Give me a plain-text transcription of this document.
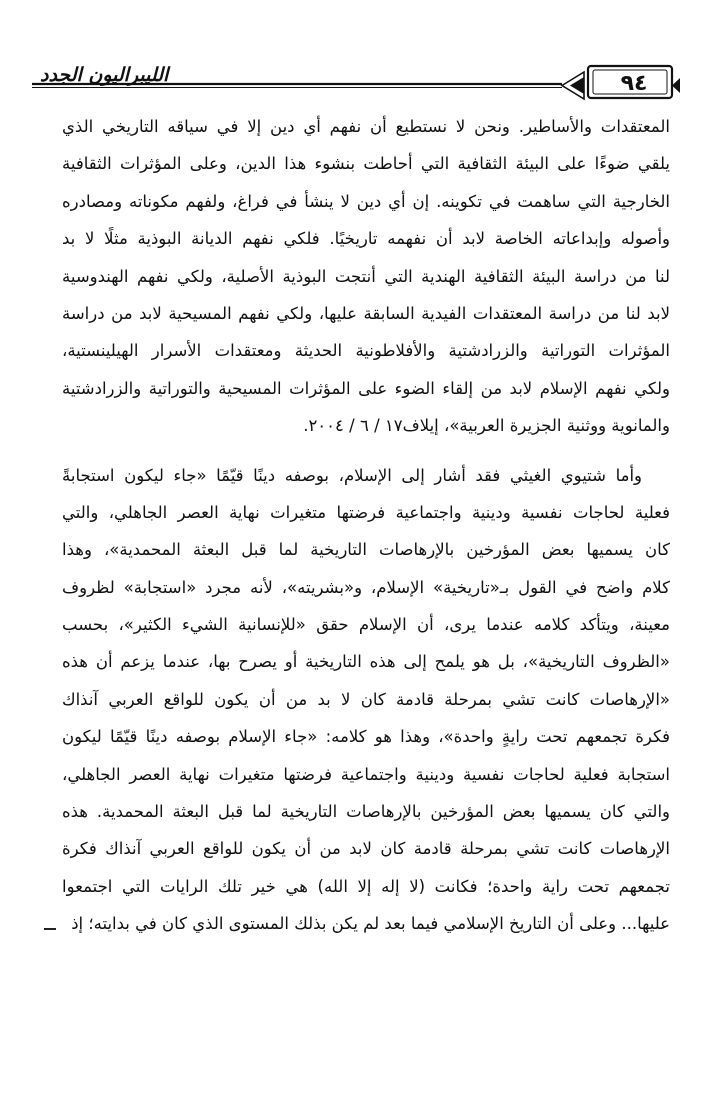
٩٤
الليبراليون الجدد
المعتقدات والأساطير. ونحن لا نستطيع أن نفهم أي دين إلا في سياقه التاريخي الذي
يلقي ضوءًا على البيئة الثقافية التي أحاطت بنشوء هذا الدين، وعلى المؤثرات الثقافية
الخارجية التي ساهمت في تكوينه. إن أي دين لا ينشأ في فراغ، ولفهم مكوناته ومصادره
وأصوله وإبداعاته الخاصة لابد أن نفهمه تاريخيًا. فلكي نفهم الديانة البوذية مثلًا لا بد
لنا من دراسة البيئة الثقافية الهندية التي أنتجت البوذية الأصلية، ولكي نفهم الهندوسية
لابد لنا من دراسة المعتقدات الفيدية السابقة عليها، ولكي نفهم المسيحية لابد من دراسة
المؤثرات التوراتية والزرادشتية والأفلاطونية الحديثة ومعتقدات الأسرار الهيلينستية،
ولكي نفهم الإسلام لابد من إلقاء الضوء على المؤثرات المسيحية والتوراتية والزرادشتية
والمانوية ووثنية الجزيرة العربية»، إيلاف١٧ / ٦ / ٢٠٠٤.
وأما شتيوي الغيثي فقد أشار إلى الإسلام، بوصفه دينًا قيّمًا «جاء ليكون استجابةً
فعلية لحاجات نفسية ودينية واجتماعية فرضتها متغيرات نهاية العصر الجاهلي، والتي
كان يسميها بعض المؤرخين بالإرهاصات التاريخية لما قبل البعثة المحمدية»، وهذا
كلام واضح في القول بـ«تاريخية» الإسلام، و«بشريته»، لأنه مجرد «استجابة» لظروف
معينة، ويتأكد كلامه عندما يرى، أن الإسلام حقق «للإنسانية الشيء الكثير»، بحسب
«الظروف التاريخية»، بل هو يلمح إلى هذه التاريخية أو يصرح بها، عندما يزعم أن هذه
«الإرهاصات كانت تشي بمرحلة قادمة كان لا بد من أن يكون للواقع العربي آنذاك
فكرة تجمعهم تحت رايةٍ واحدة»، وهذا هو كلامه: «جاء الإسلام بوصفه دينًا قيّمًا ليكون
استجابة فعلية لحاجات نفسية ودينية واجتماعية فرضتها متغيرات نهاية العصر الجاهلي،
والتي كان يسميها بعض المؤرخين بالإرهاصات التاريخية لما قبل البعثة المحمدية. هذه
الإرهاصات كانت تشي بمرحلة قادمة كان لابد من أن يكون للواقع العربي آنذاك فكرة
تجمعهم تحت راية واحدة؛ فكانت (لا إله إلا الله) هي خير تلك الرايات التي اجتمعوا
عليها... وعلى أن التاريخ الإسلامي فيما بعد لم يكن بذلك المستوى الذي كان في بدايته؛ إذ
